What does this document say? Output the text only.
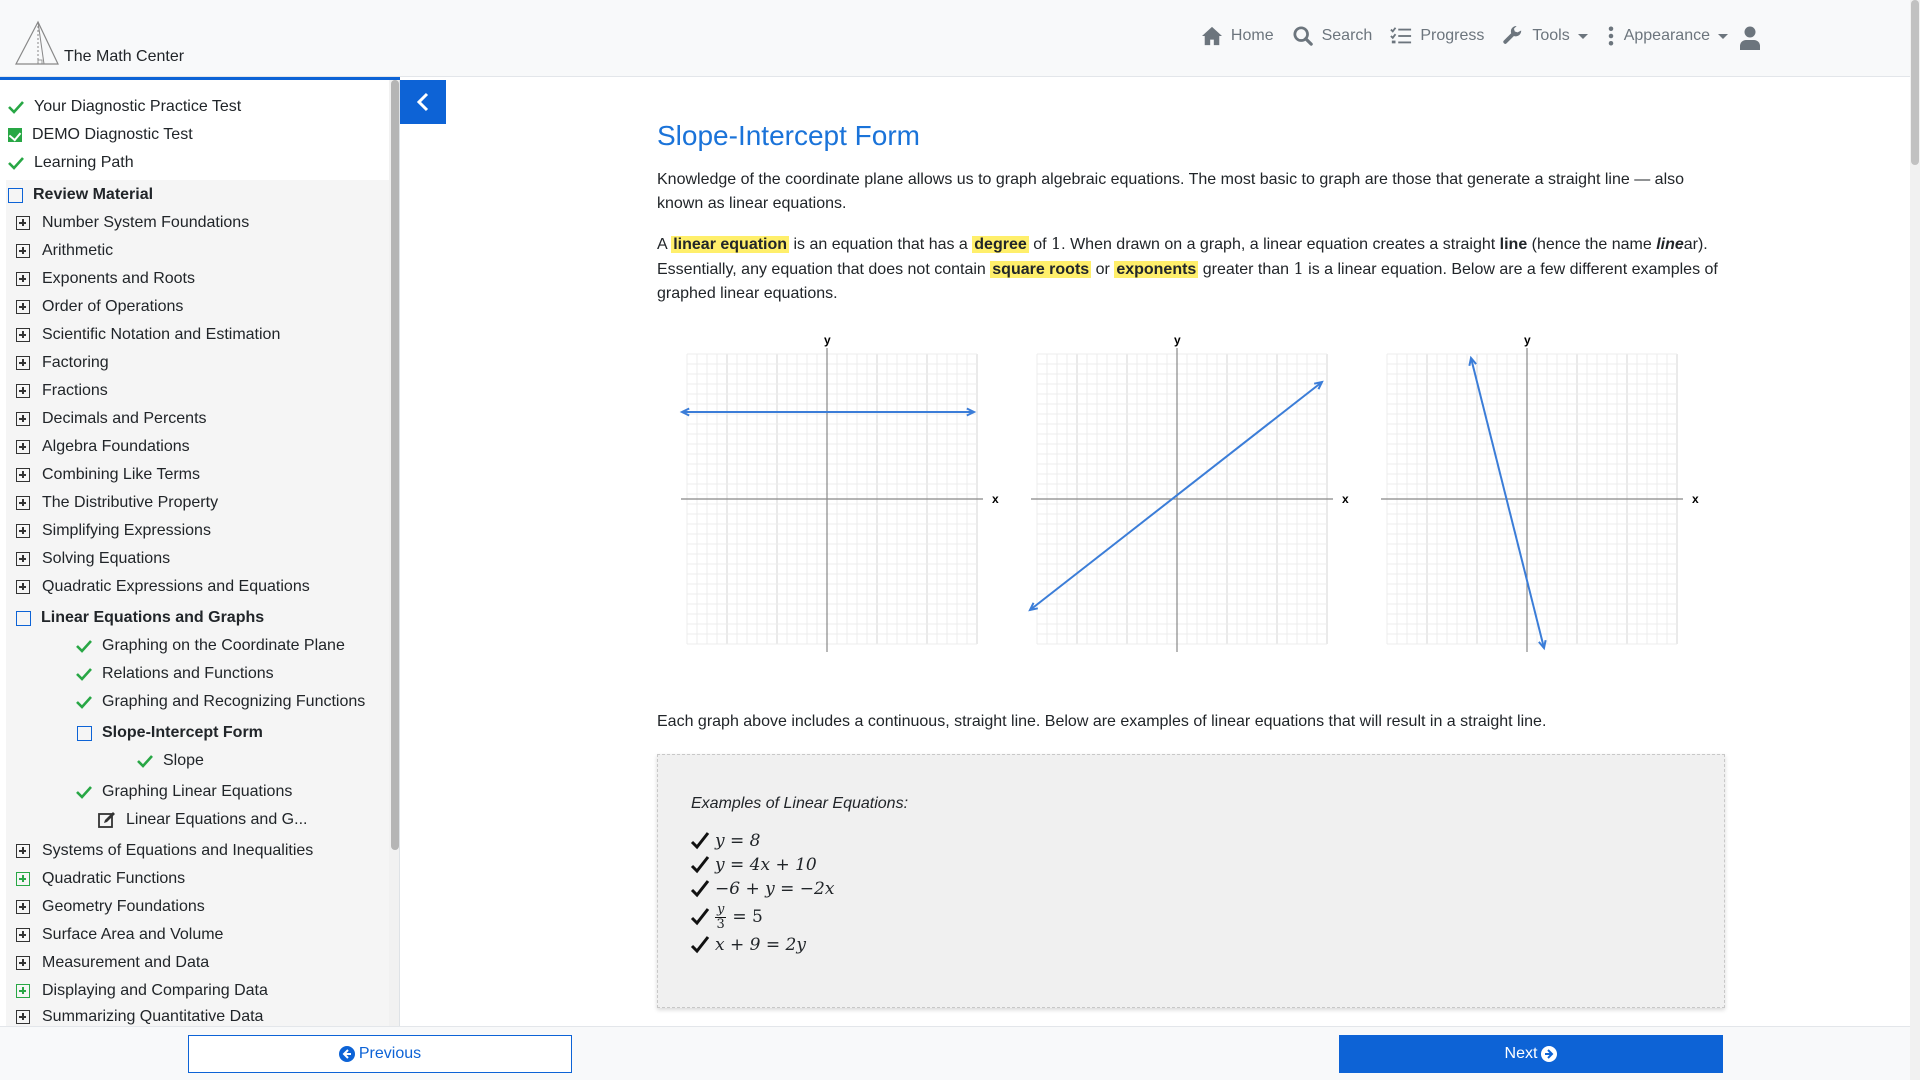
The Math Center
Home	Search	Progress	Tools	Appearance
Your Diagnostic Practice Test
DEMO Diagnostic Test
Learning Path
Review Material
Number System Foundations
Arithmetic
Exponents and Roots
Order of Operations
Scientific Notation and Estimation
Factoring
Fractions
Decimals and Percents
Algebra Foundations
Combining Like Terms
The Distributive Property
Simplifying Expressions
Solving Equations
Quadratic Expressions and Equations
Linear Equations and Graphs
Graphing on the Coordinate Plane
Relations and Functions
Graphing and Recognizing Functions
Slope-Intercept Form
Slope
Graphing Linear Equations
Linear Equations and G...
Systems of Equations and Inequalities
Quadratic Functions
Geometry Foundations
Surface Area and Volume
Measurement and Data
Displaying and Comparing Data
Summarizing Quantitative Data
Slope-Intercept Form

Knowledge of the coordinate plane allows us to graph algebraic equations. The most basic to graph are those that generate a straight line — also known as linear equations.

A linear equation is an equation that has a degree of 1. When drawn on a graph, a linear equation creates a straight line (hence the name linear). Essentially, any equation that does not contain square roots or exponents greater than 1 is a linear equation. Below are a few different examples of graphed linear equations.

x
y
x
y
x
y

Each graph above includes a continuous, straight line. Below are examples of linear equations that will result in a straight line.

Examples of Linear Equations:
y = 8
y = 4x + 10
−6 + y = −2x
$\frac{y}{3} = 5$
x + 9 = 2y
Previous	Next
